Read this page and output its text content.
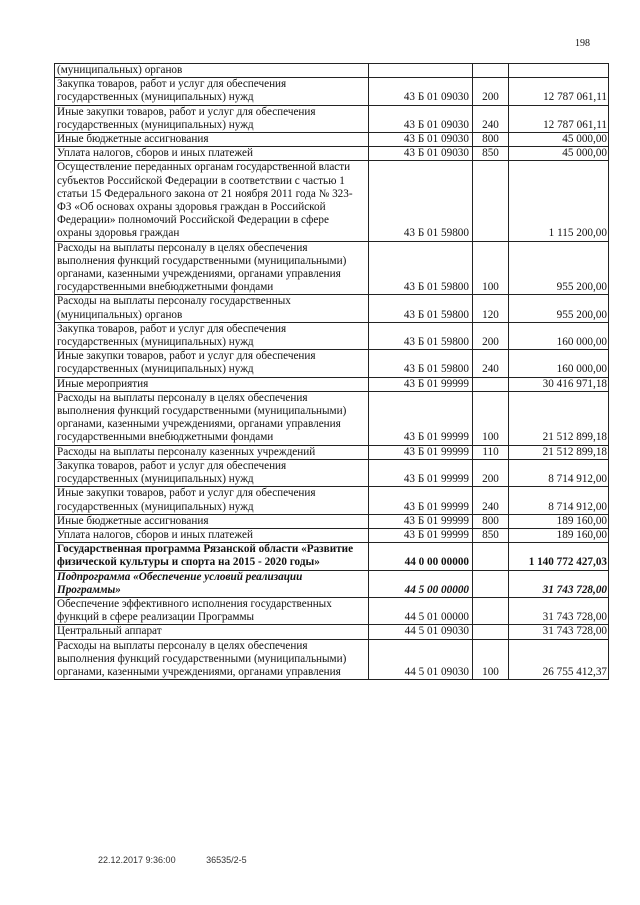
198
(муниципальных) органов			
Закупка товаров, работ и услуг для обеспечения государственных (муниципальных) нужд	43 Б 01 09030	200	12 787 061,11
Иные закупки товаров, работ и услуг для обеспечения государственных (муниципальных) нужд	43 Б 01 09030	240	12 787 061,11
Иные бюджетные ассигнования	43 Б 01 09030	800	45 000,00
Уплата налогов, сборов и иных платежей	43 Б 01 09030	850	45 000,00
Осуществление переданных органам государственной власти субъектов Российской Федерации в соответствии с частью 1 статьи 15 Федерального закона от 21 ноября 2011 года № 323-ФЗ «Об основах охраны здоровья граждан в Российской Федерации» полномочий Российской Федерации в сфере охраны здоровья граждан	43 Б 01 59800		1 115 200,00
Расходы на выплаты персоналу в целях обеспечения выполнения функций государственными (муниципальными) органами, казенными учреждениями, органами управления государственными внебюджетными фондами	43 Б 01 59800	100	955 200,00
Расходы на выплаты персоналу государственных (муниципальных) органов	43 Б 01 59800	120	955 200,00
Закупка товаров, работ и услуг для обеспечения государственных (муниципальных) нужд	43 Б 01 59800	200	160 000,00
Иные закупки товаров, работ и услуг для обеспечения государственных (муниципальных) нужд	43 Б 01 59800	240	160 000,00
Иные мероприятия	43 Б 01 99999		30 416 971,18
Расходы на выплаты персоналу в целях обеспечения выполнения функций государственными (муниципальными) органами, казенными учреждениями, органами управления государственными внебюджетными фондами	43 Б 01 99999	100	21 512 899,18
Расходы на выплаты персоналу казенных учреждений	43 Б 01 99999	110	21 512 899,18
Закупка товаров, работ и услуг для обеспечения государственных (муниципальных) нужд	43 Б 01 99999	200	8 714 912,00
Иные закупки товаров, работ и услуг для обеспечения государственных (муниципальных) нужд	43 Б 01 99999	240	8 714 912,00
Иные бюджетные ассигнования	43 Б 01 99999	800	189 160,00
Уплата налогов, сборов и иных платежей	43 Б 01 99999	850	189 160,00
Государственная программа Рязанской области «Развитие физической культуры и спорта на 2015 - 2020 годы»	44 0 00 00000		1 140 772 427,03
Подпрограмма «Обеспечение условий реализации Программы»	44 5 00 00000		31 743 728,00
Обеспечение эффективного исполнения государственных функций в сфере реализации Программы	44 5 01 00000		31 743 728,00
Центральный аппарат	44 5 01 09030		31 743 728,00
Расходы на выплаты персоналу в целях обеспечения выполнения функций государственными (муниципальными) органами, казенными учреждениями, органами управления	44 5 01 09030	100	26 755 412,37
22.12.2017 9:36:00	36535/2-5
